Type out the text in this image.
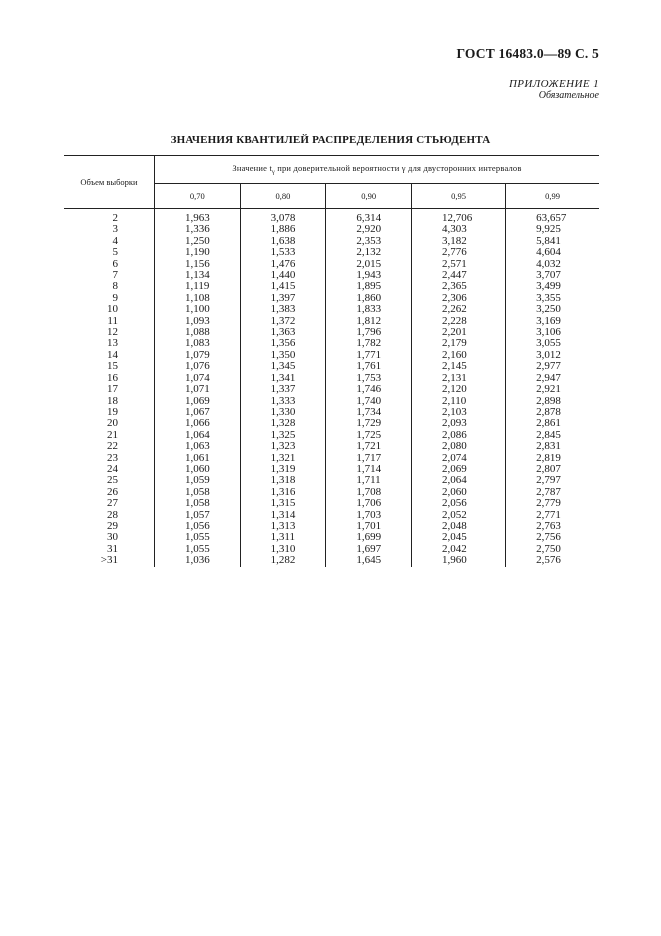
ГОСТ 16483.0—89 С. 5
ПРИЛОЖЕНИЕ 1
Обязательное
ЗНАЧЕНИЯ КВАНТИЛЕЙ РАСПРЕДЕЛЕНИЯ СТЬЮДЕНТА
Объем выборки	Значение $t_\gamma$ при доверительной вероятности γ для двусторонних интервалов				
	0,70	0,80	0,90	0,95	0,99
2	1,963	3,078	6,314	12,706	63,657
3	1,336	1,886	2,920	4,303	9,925
4	1,250	1,638	2,353	3,182	5,841
5	1,190	1,533	2,132	2,776	4,604
6	1,156	1,476	2,015	2,571	4,032
7	1,134	1,440	1,943	2,447	3,707
8	1,119	1,415	1,895	2,365	3,499
9	1,108	1,397	1,860	2,306	3,355
10	1,100	1,383	1,833	2,262	3,250
11	1,093	1,372	1,812	2,228	3,169
12	1,088	1,363	1,796	2,201	3,106
13	1,083	1,356	1,782	2,179	3,055
14	1,079	1,350	1,771	2,160	3,012
15	1,076	1,345	1,761	2,145	2,977
16	1,074	1,341	1,753	2,131	2,947
17	1,071	1,337	1,746	2,120	2,921
18	1,069	1,333	1,740	2,110	2,898
19	1,067	1,330	1,734	2,103	2,878
20	1,066	1,328	1,729	2,093	2,861
21	1,064	1,325	1,725	2,086	2,845
22	1,063	1,323	1,721	2,080	2,831
23	1,061	1,321	1,717	2,074	2,819
24	1,060	1,319	1,714	2,069	2,807
25	1,059	1,318	1,711	2,064	2,797
26	1,058	1,316	1,708	2,060	2,787
27	1,058	1,315	1,706	2,056	2,779
28	1,057	1,314	1,703	2,052	2,771
29	1,056	1,313	1,701	2,048	2,763
30	1,055	1,311	1,699	2,045	2,756
31	1,055	1,310	1,697	2,042	2,750
>31	1,036	1,282	1,645	1,960	2,576
